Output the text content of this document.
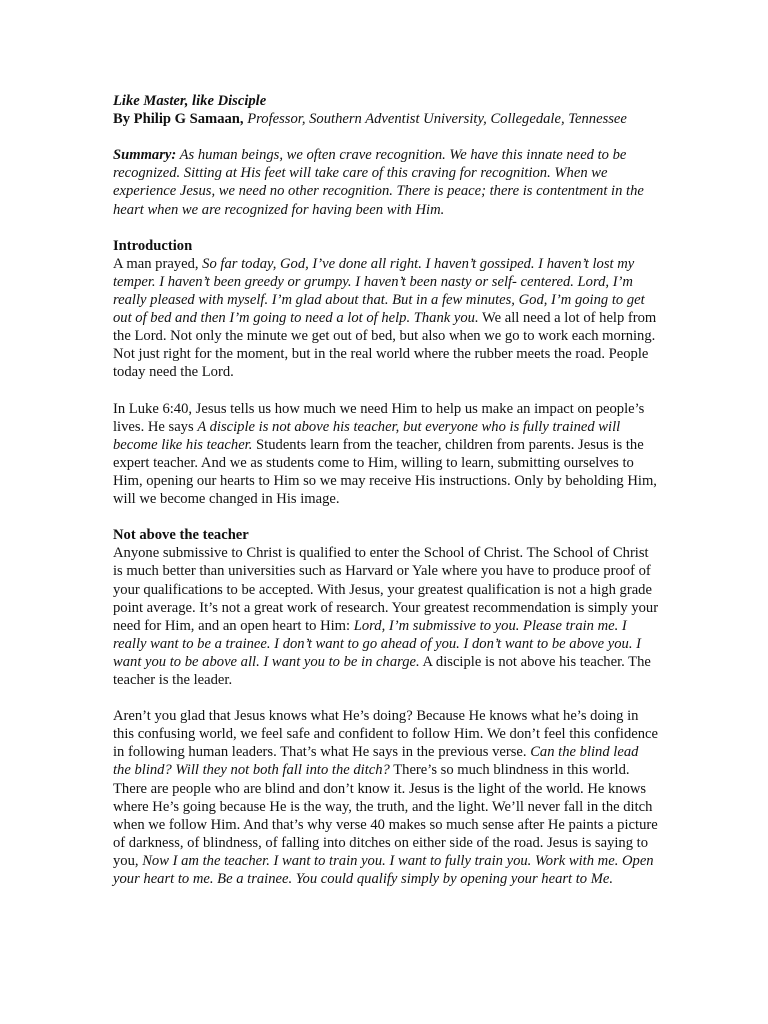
Like Master, like Disciple
By Philip G Samaan, Professor, Southern Adventist University, Collegedale, Tennessee
Summary: As human beings, we often crave recognition. We have this innate need to be recognized. Sitting at His feet will take care of this craving for recognition. When we experience Jesus, we need no other recognition. There is peace; there is contentment in the heart when we are recognized for having been with Him.
Introduction

A man prayed, So far today, God, I’ve done all right. I haven’t gossiped. I haven’t lost my temper. I haven’t been greedy or grumpy. I haven’t been nasty or self- centered. Lord, I’m really pleased with myself. I’m glad about that. But in a few minutes, God, I’m going to get out of bed and then I’m going to need a lot of help. Thank you. We all need a lot of help from the Lord. Not only the minute we get out of bed, but also when we go to work each morning. Not just right for the moment, but in the real world where the rubber meets the road. People today need the Lord.

In Luke 6:40, Jesus tells us how much we need Him to help us make an impact on people’s lives. He says A disciple is not above his teacher, but everyone who is fully trained will become like his teacher. Students learn from the teacher, children from parents. Jesus is the expert teacher. And we as students come to Him, willing to learn, submitting ourselves to Him, opening our hearts to Him so we may receive His instructions. Only by beholding Him, will we become changed in His image.

Not above the teacher

Anyone submissive to Christ is qualified to enter the School of Christ. The School of Christ is much better than universities such as Harvard or Yale where you have to produce proof of your qualifications to be accepted. With Jesus, your greatest qualification is not a high grade point average. It’s not a great work of research. Your greatest recommendation is simply your need for Him, and an open heart to Him: Lord, I’m submissive to you. Please train me. I really want to be a trainee. I don’t want to go ahead of you. I don’t want to be above you. I want you to be above all. I want you to be in charge. A disciple is not above his teacher. The teacher is the leader.

Aren’t you glad that Jesus knows what He’s doing? Because He knows what he’s doing in this confusing world, we feel safe and confident to follow Him. We don’t feel this confidence in following human leaders. That’s what He says in the previous verse. Can the blind lead the blind? Will they not both fall into the ditch? There’s so much blindness in this world. There are people who are blind and don’t know it. Jesus is the light of the world. He knows where He’s going because He is the way, the truth, and the light. We’ll never fall in the ditch when we follow Him. And that’s why verse 40 makes so much sense after He paints a picture of darkness, of blindness, of falling into ditches on either side of the road. Jesus is saying to you, Now I am the teacher. I want to train you. I want to fully train you. Work with me. Open your heart to me. Be a trainee. You could qualify simply by opening your heart to Me.
